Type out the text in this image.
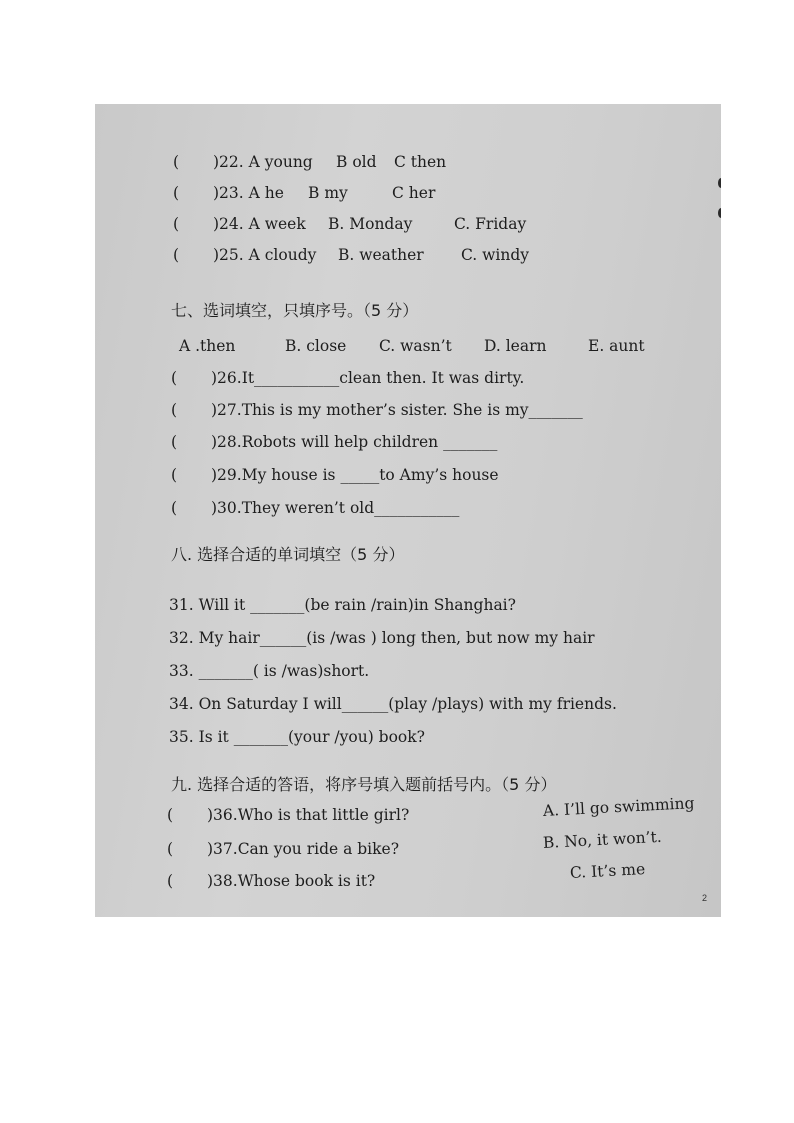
( )22. A young B old C then
( )23. A he B my	C her
( )24. A week B. Monday	C. Friday
( )25. A cloudy B. weather C. windy
七、选词填空，只填序号。（5 分）
A .then	B. close C. wasn’t D. learn	E. aunt
( )26.It___________clean then. It was dirty.
( )27.This is my mother’s sister. She is my_______
( )28.Robots will help children _______
( )29.My house is _____to Amy’s house
( )30.They weren’t old___________
八. 选择合适的单词填空（5 分）
31. Will it _______(be rain /rain)in Shanghai?
32. My hair______(is /was ) long then, but now my hair
33. _______( is /was)short.
34. On Saturday I will______(play /plays) with my friends.
35. Is it _______(your /you) book?
九. 选择合适的答语，将序号填入题前括号内。（5 分）
( )36.Who is that little girl?
( )37.Can you ride a bike?
( )38.Whose book is it?
A. I’ll go swimming
B. No, it won’t.
C. It’s me
2
